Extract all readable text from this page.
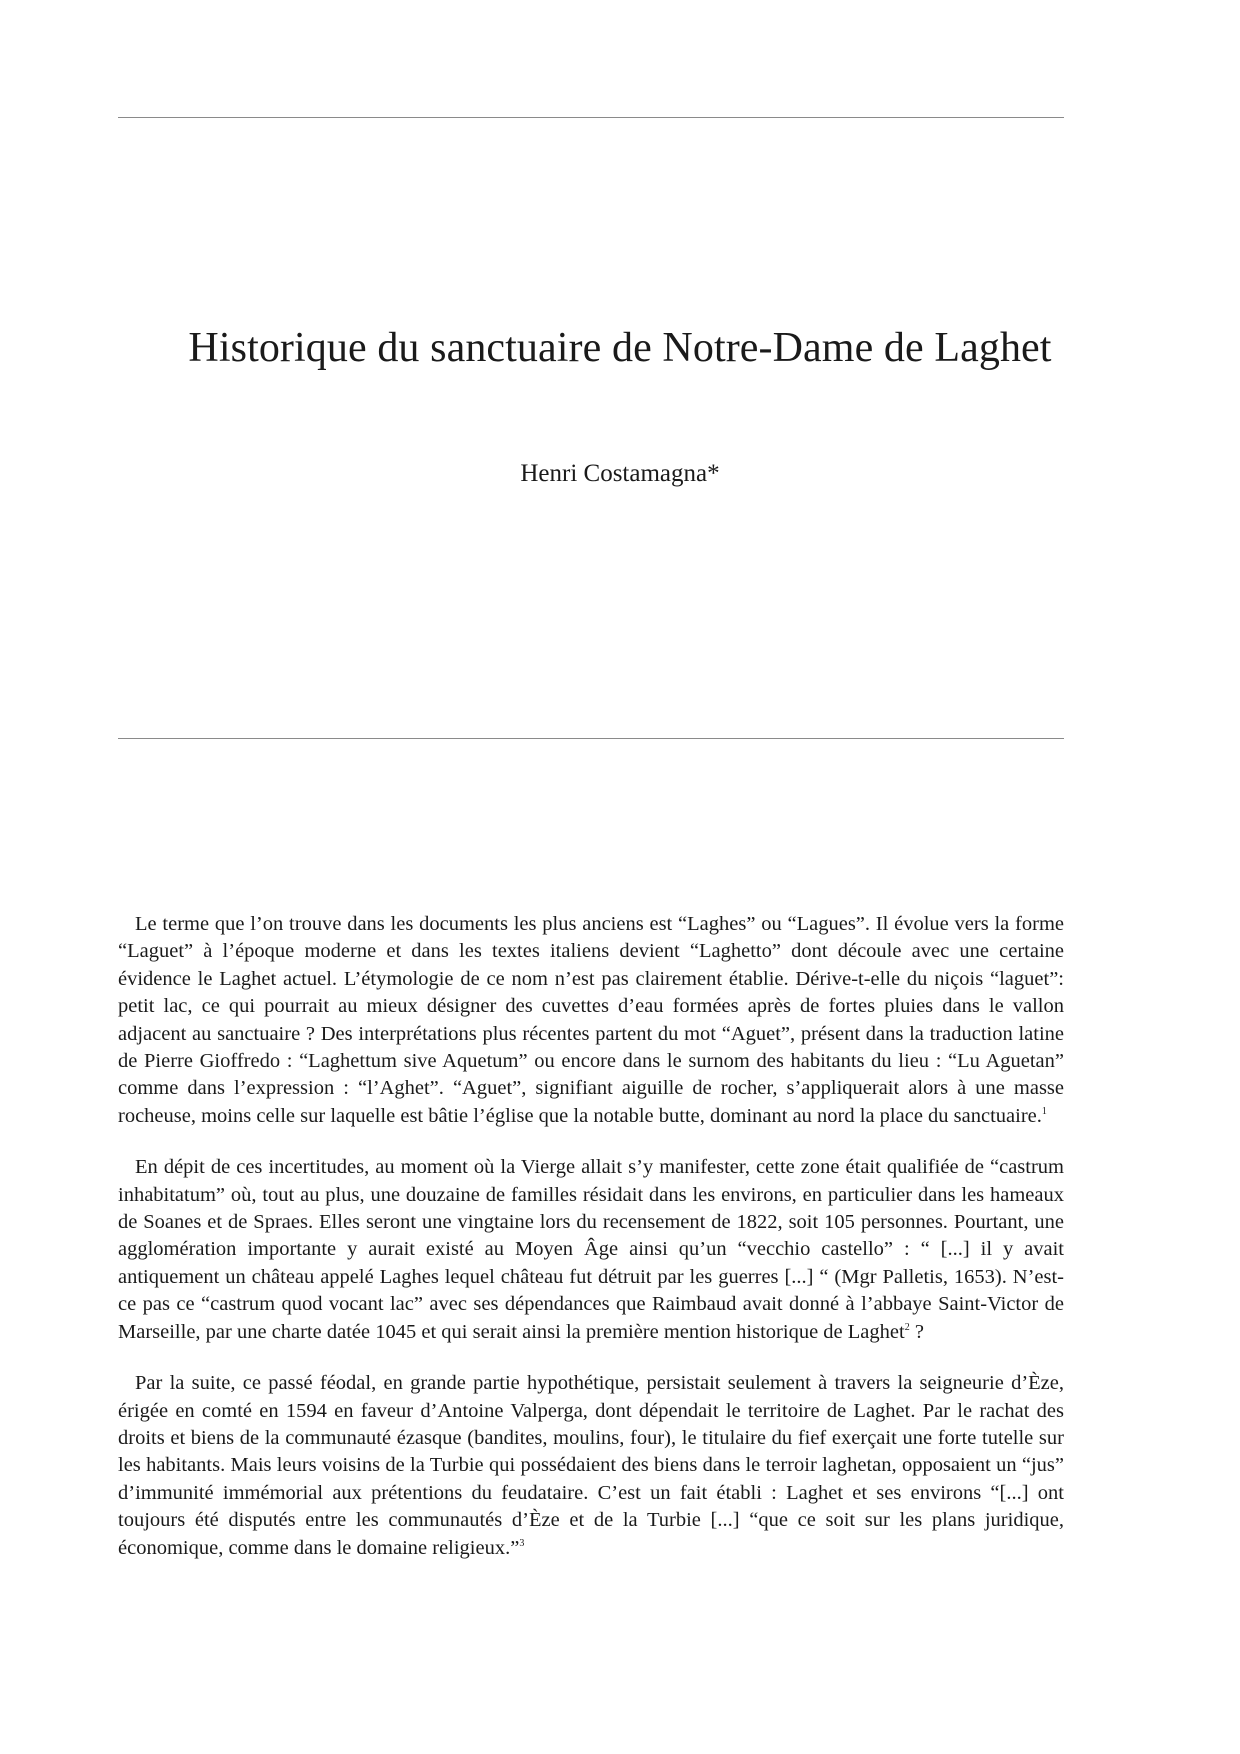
Historique du sanctuaire de Notre-Dame de Laghet

Henri Costamagna*

Le terme que l’on trouve dans les documents les plus anciens est “Laghes” ou “Lagues”. Il évolue vers la forme “Laguet” à l’époque moderne et dans les textes italiens devient “Laghetto” dont découle avec une certaine évidence le Laghet actuel. L’étymologie de ce nom n’est pas clairement établie. Dérive-t-elle du niçois “laguet”: petit lac, ce qui pourrait au mieux désigner des cuvettes d’eau formées après de fortes pluies dans le vallon adjacent au sanctuaire ? Des interprétations plus récentes partent du mot “Aguet”, présent dans la traduction latine de Pierre Gioffredo : “Laghettum sive Aquetum” ou encore dans le surnom des habitants du lieu : “Lu Aguetan” comme dans l’expression : “l’Aghet”. “Aguet”, signifiant aiguille de rocher, s’appliquerait alors à une masse rocheuse, moins celle sur laquelle est bâtie l’église que la notable butte, dominant au nord la place du sanctuaire.$^1$

En dépit de ces incertitudes, au moment où la Vierge allait s’y manifester, cette zone était qualifiée de “castrum inhabitatum” où, tout au plus, une douzaine de familles résidait dans les environs, en particulier dans les hameaux de Soanes et de Spraes. Elles seront une vingtaine lors du recensement de 1822, soit 105 personnes. Pourtant, une agglomération importante y aurait existé au Moyen Âge ainsi qu’un “vecchio castello” : “ [...] il y avait antiquement un château appelé Laghes lequel château fut détruit par les guerres [...] “ (Mgr Palletis, 1653). N’est-ce pas ce “castrum quod vocant lac” avec ses dépendances que Raimbaud avait donné à l’abbaye Saint-Victor de Marseille, par une charte datée 1045 et qui serait ainsi la première mention historique de Laghet$^2$ ?

Par la suite, ce passé féodal, en grande partie hypothétique, persistait seulement à travers la seigneurie d’Èze, érigée en comté en 1594 en faveur d’Antoine Valperga, dont dépendait le territoire de Laghet. Par le rachat des droits et biens de la communauté ézasque (bandites, moulins, four), le titulaire du fief exerçait une forte tutelle sur les habitants. Mais leurs voisins de la Turbie qui possédaient des biens dans le terroir laghetan, opposaient un “jus” d’immunité immémorial aux prétentions du feudataire. C’est un fait établi : Laghet et ses environs “[...] ont toujours été disputés entre les communautés d’Èze et de la Turbie [...] “que ce soit sur les plans juridique, économique, comme dans le domaine religieux.”$^3$
